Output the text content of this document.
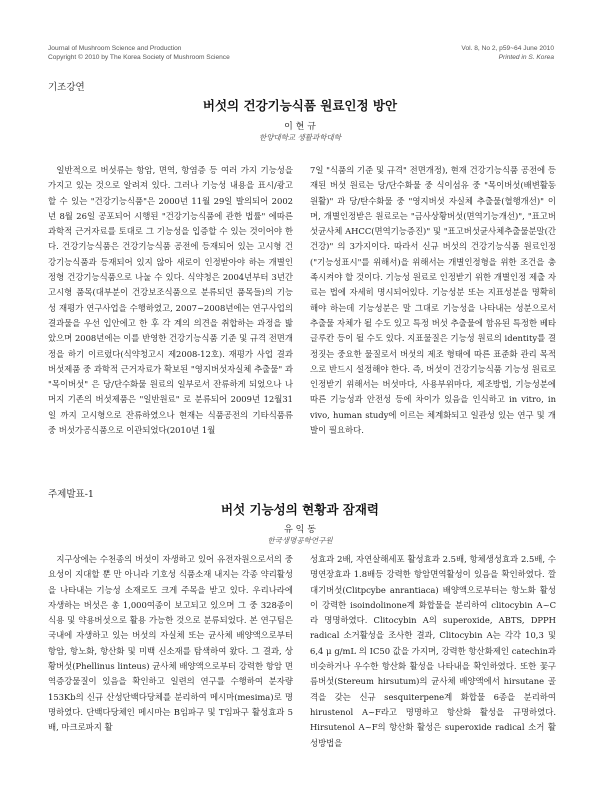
Journal of Mushroom Science and Production
Copyright © 2010 by The Korea Society of Mushroom Science
Vol. 8, No 2, p59~64 June 2010
Printed in S. Korea
기조강연
버섯의 건강기능식품 원료인정 방안
이 현 규
한양대학교 생활과학대학

일반적으로 버섯류는 항암, 면역, 항염증 등 여러 가지 기능성을 가지고 있는 것으로 알려져 있다. 그러나 기능성 내용을 표시/광고할 수 있는 "건강기능식품"은 2000년 11월 29일 발의되어 2002년 8월 26일 공포되어 시행된 "건강기능식품에 관한 법률" 에따른 과학적 근거자료를 토대로 그 기능성을 입증할 수 있는 것이어야 한다. 건강기능식품은 건강기능식품 공전에 등재되어 있는 고시형 건강기능식품과 등재되어 있지 않아 새로이 인정받아야 하는 개별인정형 건강기능식품으로 나눌 수 있다. 식약청은 2004년부터 3년간 고시형 품목(대부분이 건강보조식품으로 분류되던 품목들)의 기능성 재평가 연구사업을 수행하였고, 2007~2008년에는 연구사업의 결과물을 우선 입안에고 한 후 각 계의 의견을 취합하는 과정을 밟았으며 2008년에는 이를 반영한 건강기능식품 기준 및 규격 전면개정을 하기 이르렀다(식약청고시 제2008-12호). 재평가 사업 결과 버섯제품 중 과학적 근거자료가 확보된 "영지버섯자실체 추출물" 과 "목이버섯" 은 당/단수화물 원료의 일부로서 잔류하게 되었으나 나머지 기존의 버섯제품은 "일반원료" 로 분류되어 2009년 12월31일 까지 고시형으로 잔류하였으나 현재는 식품공전의 기타식품류 중 버섯가공식품으로 이관되었다(2010년 1월

7일 "식품의 기준 및 규격" 전면개정), 현재 건강기능식품 공전에 등재된 버섯 원료는 당/단수화물 중 식이섬유 중 "목이버섯(배변활동 원활)" 과 당/탄수화물 중 "영지버섯 자실체 추출물(혈행개선)" 이며, 개별인정받은 원료로는 "금사상황버섯(면역기능개선)", "표고버섯균사체 AHCC(면역기능증진)" 및 "표고버섯균사체추출물분말(간 건강)" 의 3가지이다. 따라서 신규 버섯의 건강기능식품 원료인정("기능성표시"를 위해서)을 위해서는 개별인정형을 위한 조건을 충족시켜야 할 것이다. 기능성 원료로 인정받기 위한 개별인정 제출 자료는 법에 자세히 명시되어있다. 기능성분 또는 지표성분을 명확히 해야 하는데 기능성분은 말 그대로 기능성을 나타내는 성분으로서 추출물 자체가 될 수도 있고 특정 버섯 추출물에 함유된 특정한 베타글루칸 등이 될 수도 있다. 지표물질은 기능성 원료의 identity를 결정짓는 중요한 물질로서 버섯의 제조 형태에 따른 표준화 관리 목적으로 반드시 설정해야 한다. 즉, 버섯이 건강기능식품 기능성 원료로 인정받기 위해서는 버섯마다, 사용부위마다, 제조방법, 기능성분에 따른 기능성과 안전성 등에 차이가 있음을 인식하고 in vitro, in vivo, human study에 이르는 체계화되고 일관성 있는 연구 및 개발이 필요하다.

주제발표-1
버섯 기능성의 현황과 잠재력
유 익 동
한국생명공학연구원

지구상에는 수천종의 버섯이 자생하고 있어 유전자원으로서의 중요성이 지대할 뿐 만 아니라 기호성 식품소재 내지는 각종 약리활성을 나타내는 기능성 소재로도 크게 주목을 받고 있다. 우리나라에 자생하는 버섯은 총 1,000여종이 보고되고 있으며 그 중 328종이 식용 및 약용버섯으로 활용 가능한 것으로 분류되었다. 본 연구팀은 국내에 자생하고 있는 버섯의 자실체 또는 균사체 배양액으로부터 항암, 항노화, 항산화 및 미백 신소재를 탐색하여 왔다. 그 결과, 상황버섯(Phellinus linteus) 균사체 배양액으로부터 강력한 항암 면역증강물질이 있음을 확인하고 일련의 연구를 수행하여 분자량 153Kb의 신규 산성단백다당체를 분리하여 메시마(mesima)로 명명하였다. 단백다당체인 메시마는 B임파구 및 T임파구 활성효과 5배, 마크로파지 활

성효과 2배, 자연살해세포 활성효과 2.5배, 항체생성효과 2.5배, 수명연장효과 1.8배등 강력한 항암면역활성이 있음을 확인하였다. 깔대기버섯(Clitpcybe anrantiaca) 배양액으로부터는 항노화 활성이 강력한 isoindolinone계 화합물을 분리하여 clitocybin A~C라 명명하였다. Clitocybin A의 superoxide, ABTS, DPPH radical 소거활성을 조사한 결과, Clitocybin A는 각각 10,3 및 6,4 μ g/mL 의 IC50 값을 가지며, 강력한 항산화제인 catechin과 비슷하거나 우수한 항산화 활성을 나타내을 확인하였다. 또한 꽃구름버섯(Stereum hirsutum)의 균사체 배양액에서 hirsutane 골격을 갖는 신규 sesquiterpene계 화합물 6종을 분리하여 hirustenol A~F라고 명명하고 항산화 활성을 규명하였다. Hirsutenol A~F의 항산화 활성은 superoxide radical 소거 활성방법을
